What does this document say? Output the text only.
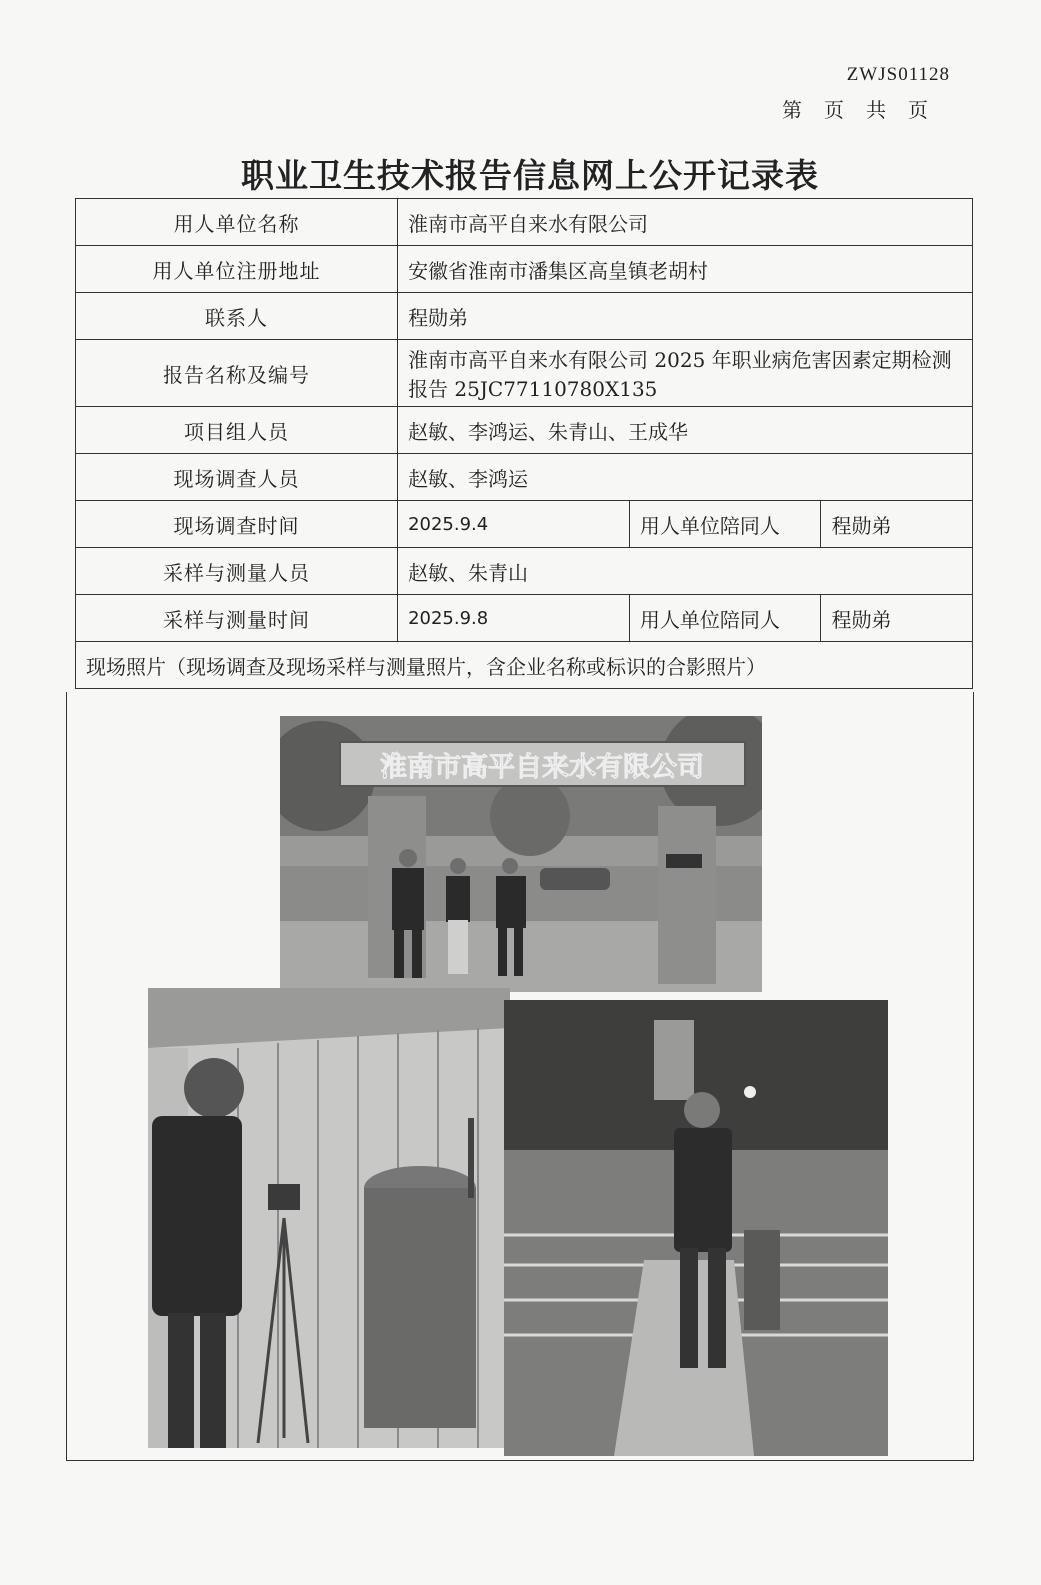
ZWJS01128
第页共页
职业卫生技术报告信息网上公开记录表
用人单位名称	淮南市高平自来水有限公司		
用人单位注册地址	安徽省淮南市潘集区高皇镇老胡村		
联系人	程勋弟		
报告名称及编号	淮南市高平自来水有限公司 2025 年职业病危害因素定期检测报告 25JC77110780X135		
项目组人员	赵敏、李鸿运、朱青山、王成华		
现场调查人员	赵敏、李鸿运		
现场调查时间	2025.9.4	用人单位陪同人	程勋弟
采样与测量人员	赵敏、朱青山		
采样与测量时间	2025.9.8	用人单位陪同人	程勋弟
现场照片（现场调查及现场采样与测量照片，含企业名称或标识的合影照片）			
淮南市高平自来水有限公司
